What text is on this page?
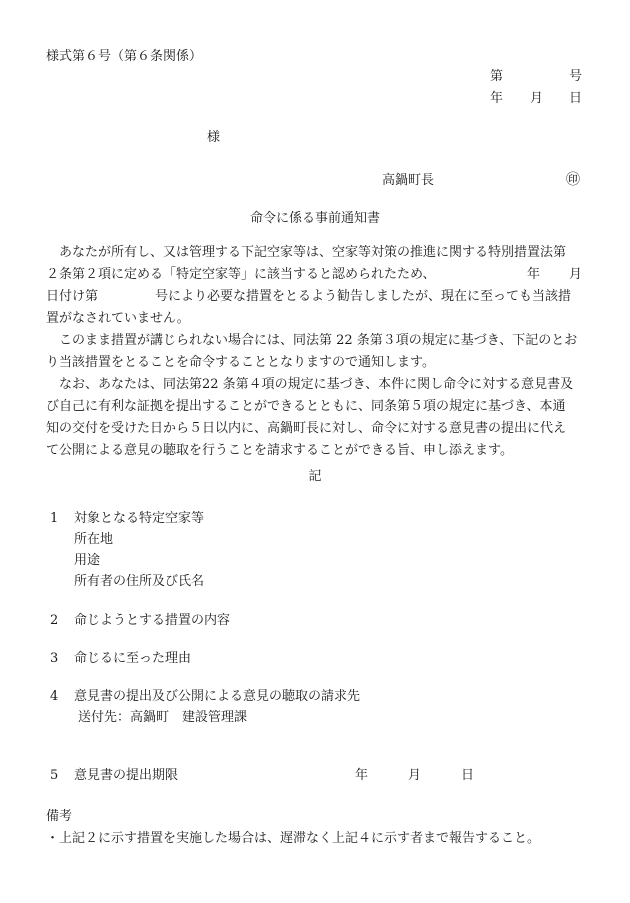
様式第６号（第６条関係）
第	号
年 月 日
様
高鍋町長	㊞
命令に係る事前通知書
あなたが所有し、又は管理する下記空家等は、空家等対策の推進に関する特別措置法第
２条第２項に定める「特定空家等」に該当すると認められたため、	年 月
日付け第	号により必要な措置をとるよう勧告しましたが、現在に至っても当該措
置がなされていません。
このまま措置が講じられない場合には、同法第 22 条第３項の規定に基づき、下記のとお
り当該措置をとることを命令することとなりますので通知します。
なお、あなたは、同法第22 条第４項の規定に基づき、本件に関し命令に対する意見書及
び自己に有利な証拠を提出することができるとともに、同条第５項の規定に基づき、本通
知の交付を受けた日から５日以内に、高鍋町長に対し、命令に対する意見書の提出に代え
て公開による意見の聴取を行うことを請求することができる旨、申し添えます。
記
1 対象となる特定空家等
所在地
用途
所有者の住所及び氏名
2 命じようとする措置の内容
3 命じるに至った理由
4 意見書の提出及び公開による意見の聴取の請求先
送付先：高鍋町　建設管理課
5 意見書の提出期限	年	月	日
備考
・ 上記２に示す措置を実施した場合は、遅滞なく上記４に示す者まで報告すること。
